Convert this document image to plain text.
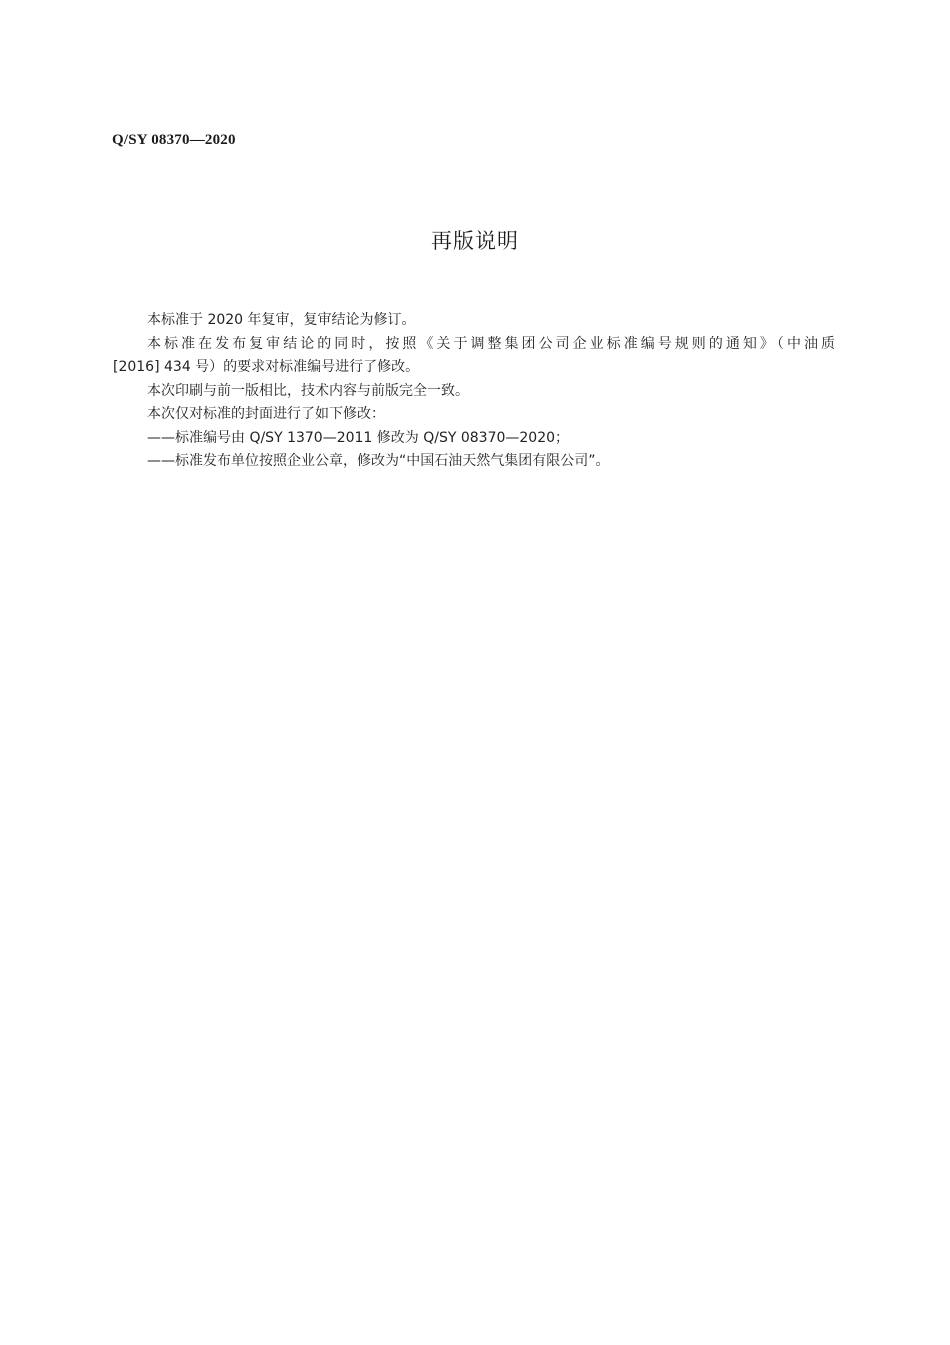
Q/SY 08370—2020
再版说明

本标准于 2020 年复审，复审结论为修订。

本标准在发布复审结论的同时，按照《关于调整集团公司企业标准编号规则的通知》（中油质

[2016] 434 号）的要求对标准编号进行了修改。

本次印刷与前一版相比，技术内容与前版完全一致。

本次仅对标准的封面进行了如下修改：

——标准编号由 Q/SY 1370—2011 修改为 Q/SY 08370—2020；

——标准发布单位按照企业公章，修改为“中国石油天然气集团有限公司”。
